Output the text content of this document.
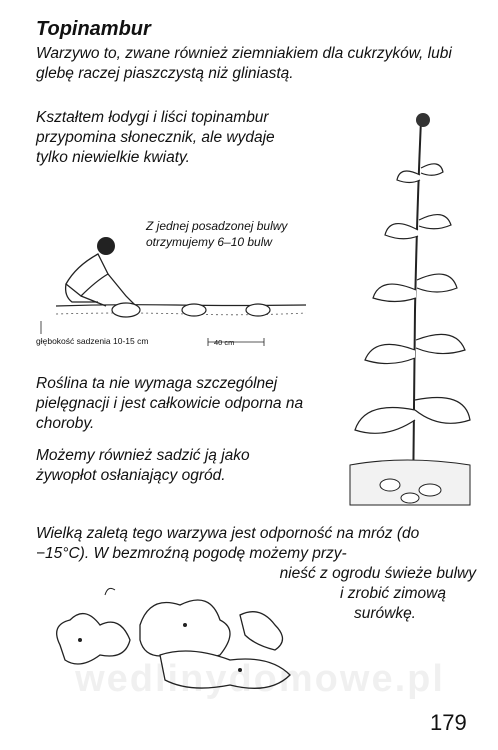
Topinambur
Warzywo to, zwane również ziemniakiem dla cukrzyków, lubi glebę raczej piaszczystą niż gliniastą.
Kształtem łodygi i liści topinambur przypomina słonecznik, ale wydaje tylko niewielkie kwiaty.
Z jednej posadzonej bulwy
otrzymujemy 6–10 bulw
głębokość sadzenia 10-15 cm	40 cm
Roślina ta nie wymaga szczególnej pielęgnacji i jest całkowicie odporna na choroby.
Możemy również sadzić ją jako żywopłot osłaniający ogród.
Wielką zaletą tego warzywa jest odporność na mróz (do −15°C). W bezmroźną pogodę możemy przy-
nieść z ogrodu świeże bulwy
i zrobić zimową
surówkę.
wedlinydomowe.pl
179
